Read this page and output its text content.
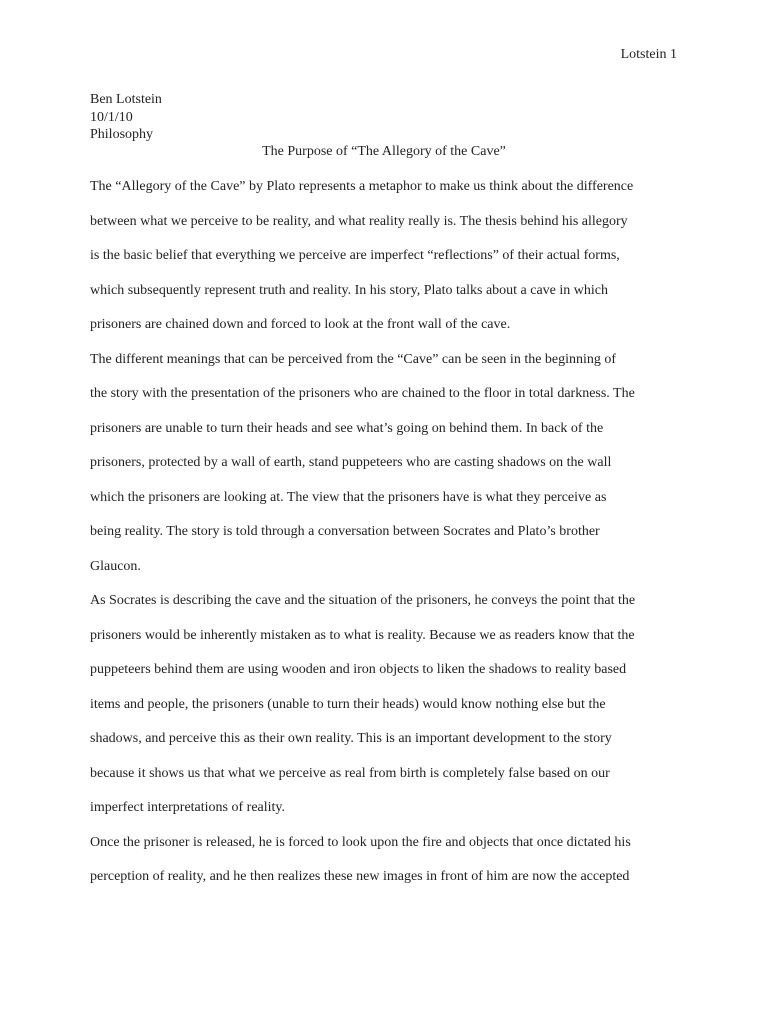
Lotstein 1
Ben Lotstein
10/1/10
Philosophy
The Purpose of “The Allegory of the Cave”
The “Allegory of the Cave” by Plato represents a metaphor to make us think about the difference
between what we perceive to be reality, and what reality really is. The thesis behind his allegory
is the basic belief that everything we perceive are imperfect “reflections” of their actual forms,
which subsequently represent truth and reality. In his story, Plato talks about a cave in which
prisoners are chained down and forced to look at the front wall of the cave.
The different meanings that can be perceived from the “Cave” can be seen in the beginning of
the story with the presentation of the prisoners who are chained to the floor in total darkness. The
prisoners are unable to turn their heads and see what’s going on behind them. In back of the
prisoners, protected by a wall of earth, stand puppeteers who are casting shadows on the wall
which the prisoners are looking at. The view that the prisoners have is what they perceive as
being reality. The story is told through a conversation between Socrates and Plato’s brother
Glaucon.
As Socrates is describing the cave and the situation of the prisoners, he conveys the point that the
prisoners would be inherently mistaken as to what is reality. Because we as readers know that the
puppeteers behind them are using wooden and iron objects to liken the shadows to reality based
items and people, the prisoners (unable to turn their heads) would know nothing else but the
shadows, and perceive this as their own reality. This is an important development to the story
because it shows us that what we perceive as real from birth is completely false based on our
imperfect interpretations of reality.
Once the prisoner is released, he is forced to look upon the fire and objects that once dictated his
perception of reality, and he then realizes these new images in front of him are now the accepted
